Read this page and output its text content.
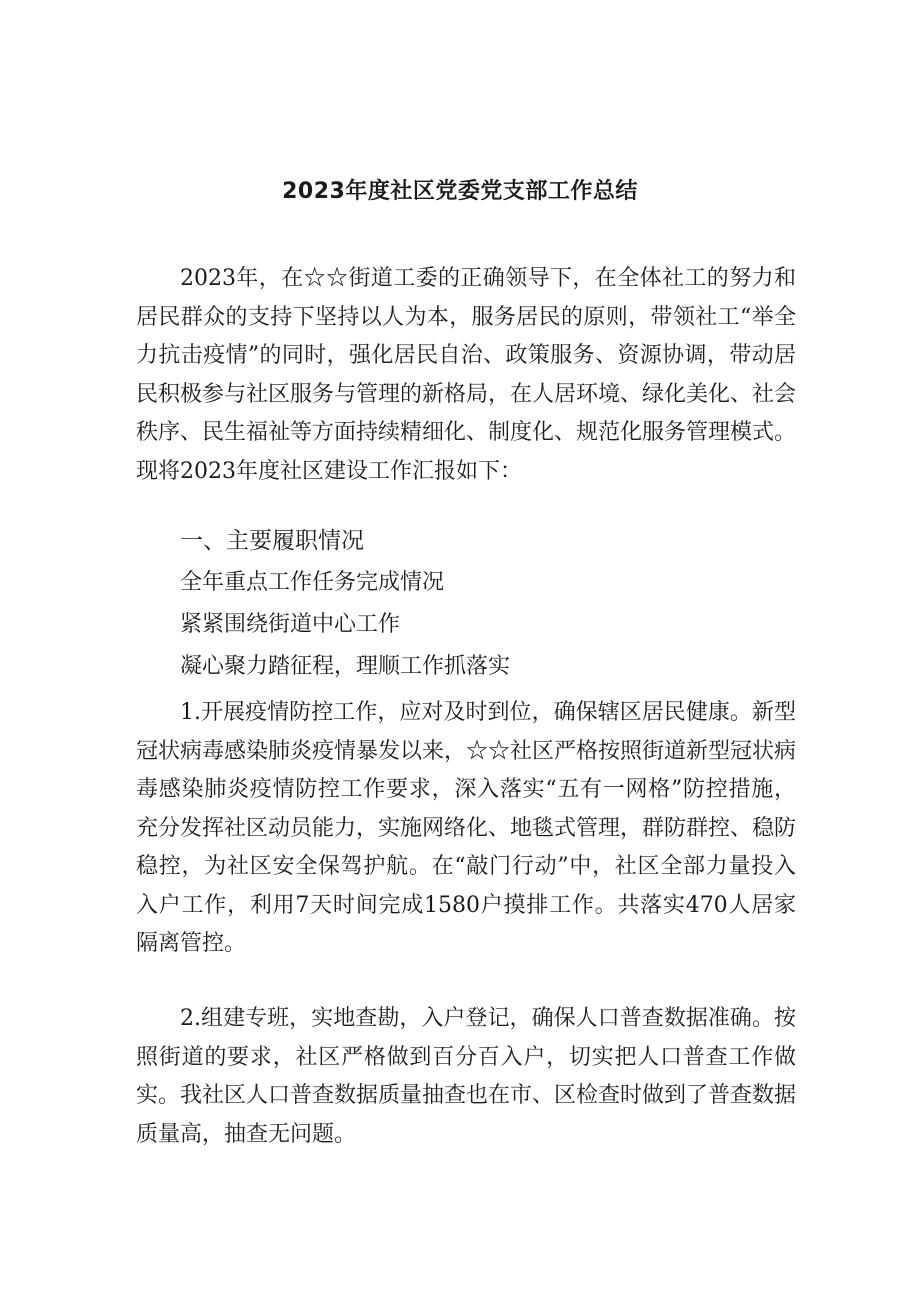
2023年度社区党委党支部工作总结

2023年，在☆☆街道工委的正确领导下，在全体社工的努力和居民群众的支持下坚持以人为本，服务居民的原则，带领社工“举全力抗击疫情”的同时，强化居民自治、政策服务、资源协调，带动居民积极参与社区服务与管理的新格局，在人居环境、绿化美化、社会秩序、民生福祉等方面持续精细化、制度化、规范化服务管理模式。现将2023年度社区建设工作汇报如下：

一、主要履职情况
全年重点工作任务完成情况
紧紧围绕街道中心工作
凝心聚力踏征程，理顺工作抓落实

1.开展疫情防控工作，应对及时到位，确保辖区居民健康。新型冠状病毒感染肺炎疫情暴发以来，☆☆社区严格按照街道新型冠状病毒感染肺炎疫情防控工作要求，深入落实“五有一网格”防控措施，充分发挥社区动员能力，实施网络化、地毯式管理，群防群控、稳防稳控，为社区安全保驾护航。在“敲门行动”中，社区全部力量投入入户工作，利用7天时间完成1580户摸排工作。共落实470人居家隔离管控。

2.组建专班，实地查勘，入户登记，确保人口普查数据准确。按照街道的要求，社区严格做到百分百入户，切实把人口普查工作做实。我社区人口普查数据质量抽查也在市、区检查时做到了普查数据质量高，抽查无问题。
